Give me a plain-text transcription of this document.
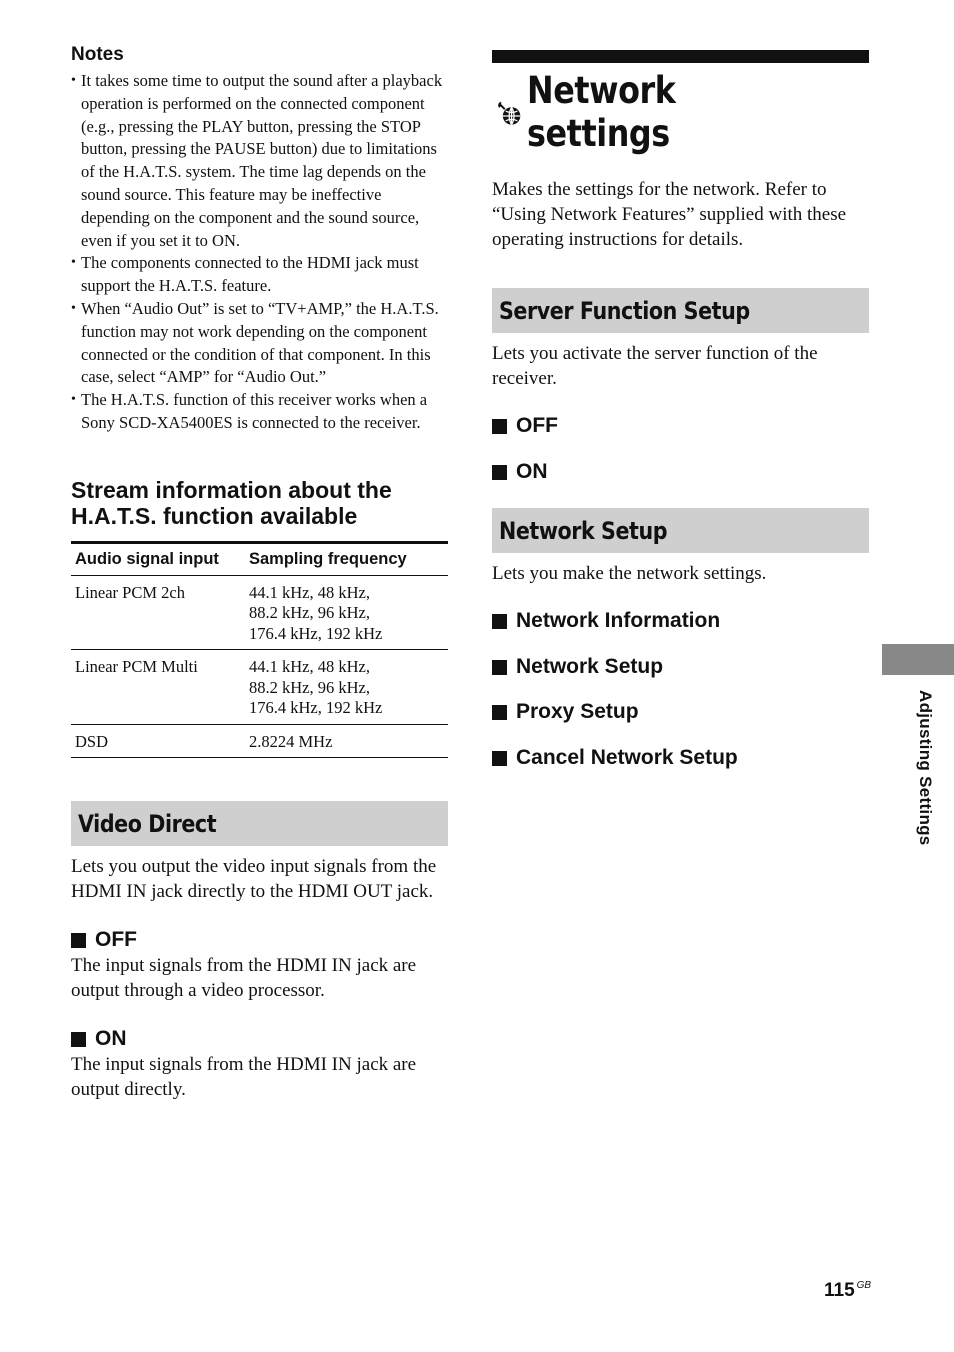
Notes
• It takes some time to output the sound after a playback operation is performed on the connected component (e.g., pressing the PLAY button, pressing the STOP button, pressing the PAUSE button) due to limitations of the H.A.T.S. system. The time lag depends on the sound source. This feature may be ineffective depending on the component and the sound source, even if you set it to ON.
• The components connected to the HDMI jack must support the H.A.T.S. feature.
• When “Audio Out” is set to “TV+AMP,” the H.A.T.S. function may not work depending on the component connected or the condition of that component. In this case, select “AMP” for “Audio Out.”
• The H.A.T.S. function of this receiver works when a Sony SCD-XA5400ES is connected to the receiver.
Stream information about the H.A.T.S. function available
Audio signal input	Sampling frequency
Linear PCM 2ch	44.1 kHz, 48 kHz,
88.2 kHz, 96 kHz,
176.4 kHz, 192 kHz

Linear PCM Multi	44.1 kHz, 48 kHz,
88.2 kHz, 96 kHz,
176.4 kHz, 192 kHz

DSD	2.8224 MHz
Video Direct

Lets you output the video input signals from the HDMI IN jack directly to the HDMI OUT jack.

OFF

The input signals from the HDMI IN jack are output through a video processor.

ON

The input signals from the HDMI IN jack are output directly.

Network settings

Makes the settings for the network. Refer to “Using Network Features” supplied with these operating instructions for details.

Server Function Setup

Lets you activate the server function of the receiver.

OFF
ON
Network Setup

Lets you make the network settings.

Network Information
Network Setup
Proxy Setup
Cancel Network Setup	Adjusting Settings
115 $^{GB}$
